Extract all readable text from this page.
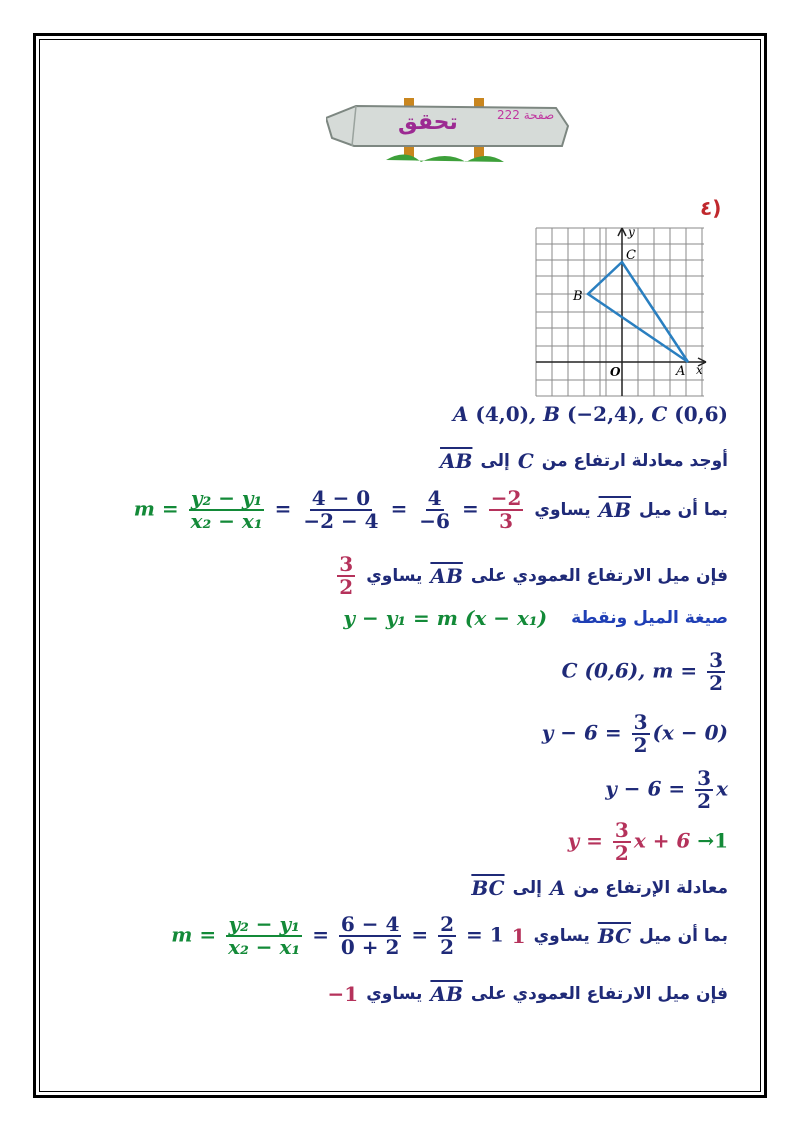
تحقق	صفحة 222
٤)
y
x
C
B
O	A
A (4,0), B (−2,4), C (0,6)
أوجد معادلة ارتفاع من
C
إلى
$\overline{AB}$
بما أن ميل
$\overline{AB}$
يساوي
$m = \frac{\text{y₂ − y₁}}{\text{x₂ − x₁}} = \frac{4 - 0}{-2 - 4} = \frac{4}{-6} = \frac{-2}{3}$
فإن ميل الارتفاع العمودي على
$\overline{AB}$
يساوي
$\frac{3}{2}$
صيغة الميل ونقطة
y − y₁ = m (x − x₁)
C (0,6), $m = \frac{3}{2}$
$y - 6 = \frac{3}{2} (x - 0)$
$y - 6 = \frac{3}{2}$ x
$y = \frac{3}{2}$ x + 6 →1
معادلة الإرتفاع من
A
إلى
$\overline{BC}$
بما أن ميل
$\overline{BC}$
يساوي
1
$m = \frac{\text{y₂ − y₁}}{\text{x₂ − x₁}} = \frac{6 - 4}{0 + 2} = \frac{2}{2} = 1$
فإن ميل الارتفاع العمودي على
$\overline{AB}$
يساوي
−1
